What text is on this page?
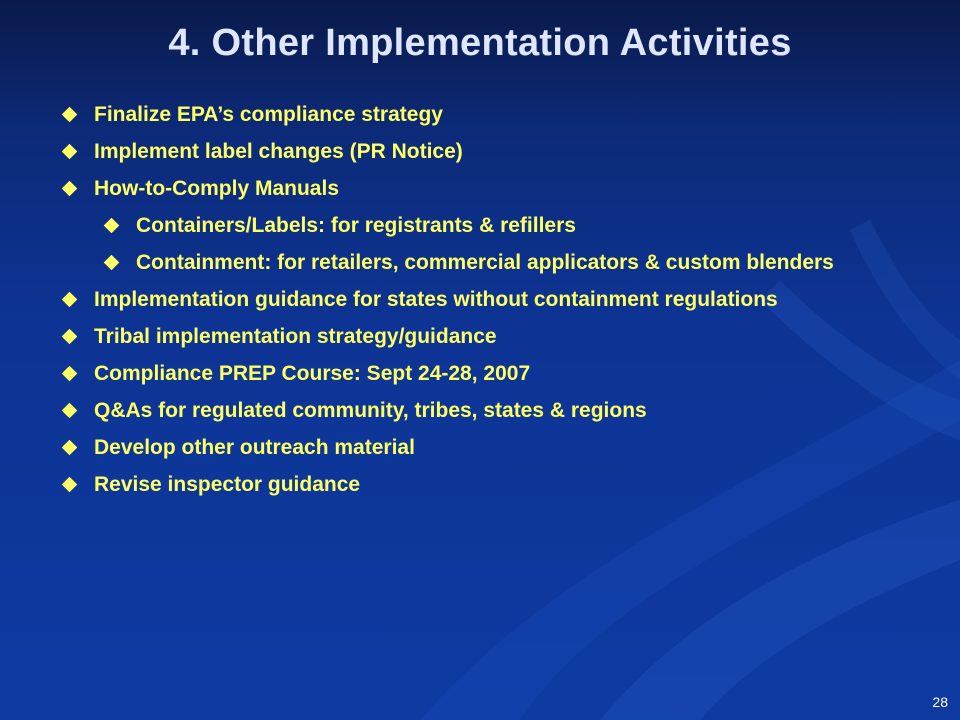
4. Other Implementation Activities
Finalize EPA’s compliance strategy
Implement label changes (PR Notice)
How-to-Comply Manuals
Containers/Labels: for registrants & refillers
Containment: for retailers, commercial applicators & custom blenders
Implementation guidance for states without containment regulations
Tribal implementation strategy/guidance
Compliance PREP Course: Sept 24-28, 2007
Q&As for regulated community, tribes, states & regions
Develop other outreach material
Revise inspector guidance
28
